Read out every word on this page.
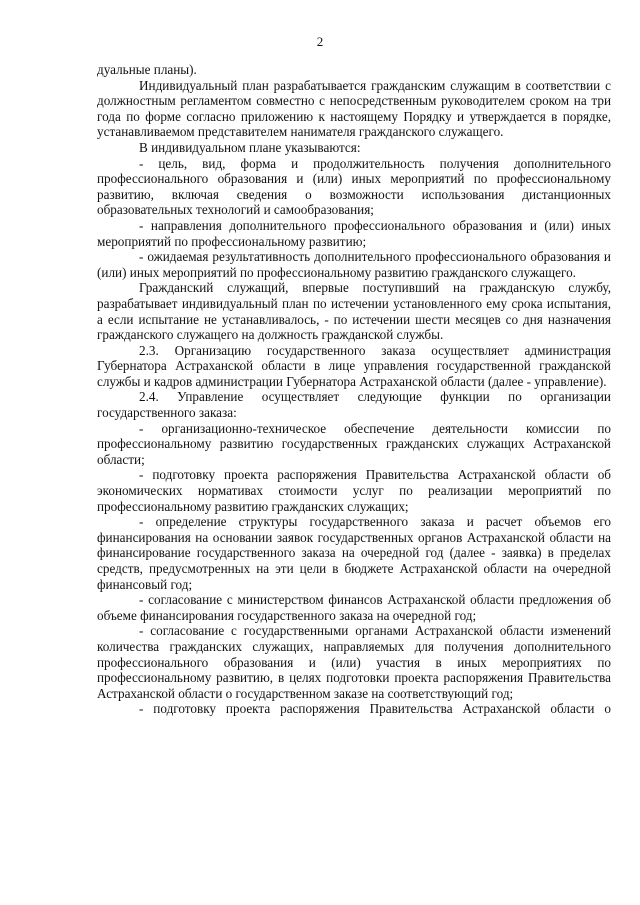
2

дуальные планы).

Индивидуальный план разрабатывается гражданским служащим в соответствии с должностным регламентом совместно с непосредственным руководителем сроком на три года по форме согласно приложению к настоящему Порядку и утверждается в порядке, устанавливаемом представителем нанимателя гражданского служащего.

В индивидуальном плане указываются:

- цель, вид, форма и продолжительность получения дополнительного профессионального образования и (или) иных мероприятий по профессиональному развитию, включая сведения о возможности использования дистанционных образовательных технологий и самообразования;

- направления дополнительного профессионального образования и (или) иных мероприятий по профессиональному развитию;

- ожидаемая результативность дополнительного профессионального образования и (или) иных мероприятий по профессиональному развитию гражданского служащего.

Гражданский служащий, впервые поступивший на гражданскую службу, разрабатывает индивидуальный план по истечении установленного ему срока испытания, а если испытание не устанавливалось, - по истечении шести месяцев со дня назначения гражданского служащего на должность гражданской службы.

2.3. Организацию государственного заказа осуществляет администрация Губернатора Астраханской области в лице управления государственной гражданской службы и кадров администрации Губернатора Астраханской области (далее - управление).

2.4. Управление осуществляет следующие функции по организации государственного заказа:

- организационно-техническое обеспечение деятельности комиссии по профессиональному развитию государственных гражданских служащих Астраханской области;

- подготовку проекта распоряжения Правительства Астраханской области об экономических нормативах стоимости услуг по реализации мероприятий по профессиональному развитию гражданских служащих;

- определение структуры государственного заказа и расчет объемов его финансирования на основании заявок государственных органов Астраханской области на финансирование государственного заказа на очередной год (далее - заявка) в пределах средств, предусмотренных на эти цели в бюджете Астраханской области на очередной финансовый год;

- согласование с министерством финансов Астраханской области предложения об объеме финансирования государственного заказа на очередной год;

- согласование с государственными органами Астраханской области изменений количества гражданских служащих, направляемых для получения дополнительного профессионального образования и (или) участия в иных мероприятиях по профессиональному развитию, в целях подготовки проекта распоряжения Правительства Астраханской области о государственном заказе на соответствующий год;

- подготовку проекта распоряжения Правительства Астраханской области о
